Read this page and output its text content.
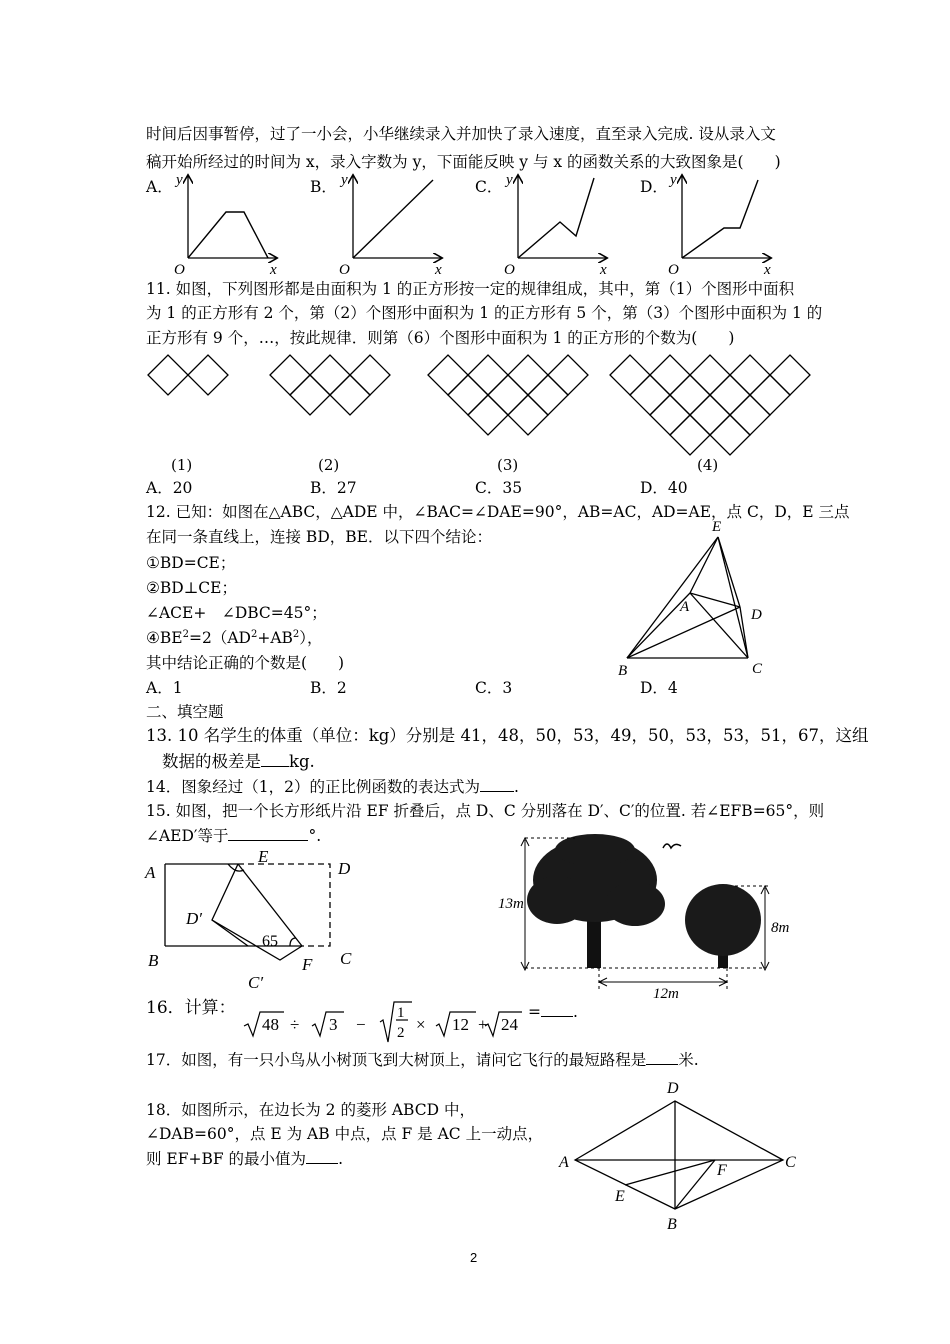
时间后因事暂停，过了一小会，小华继续录入并加快了录入速度，直至录入完成. 设从录入文
稿开始所经过的时间为 x，录入字数为 y，下面能反映 y 与 x 的函数关系的大致图象是(　　)
A．	B．	C．	D．
y
x
O
y
x
O
y
x
O
y
x
O
11. 如图，下列图形都是由面积为 1 的正方形按一定的规律组成，其中，第（1）个图形中面积
为 1 的正方形有 2 个，第（2）个图形中面积为 1 的正方形有 5 个，第（3）个图形中面积为 1 的
正方形有 9 个，…，按此规律．则第（6）个图形中面积为 1 的正方形的个数为(　　)
(1)	(2)	(3)	(4)
A．20	B．27	C．35	D．40
12. 已知：如图在△ABC，△ADE 中，∠BAC=∠DAE=90°，AB=AC，AD=AE，点 C，D，E 三点
在同一条直线上，连接 BD，BE．以下四个结论：
①BD=CE；
②BD⊥CE；
∠ACE+　∠DBC=45°；
$④BE^2=2(AD^2+AB^2)$，
其中结论正确的个数是(　　)
A．1	B．2	C．3	D．4
E
A	D
B	C
二、填空题
13. 10 名学生的体重（单位：kg）分别是 41，48，50，53，49，50，53，53，51，67，这组
数据的极差是 kg.
14．图象经过（1，2）的正比例函数的表达式为 .
15. 如图，把一个长方形纸片沿 EF 折叠后，点 D、C 分别落在 D′、C′的位置. 若∠EFB=65°，则
∠AED′等于	°.
A
E
D
D′
B
C′
F C
65
13m
8m
12m
16．计算：
48 ÷ 3 −
1
2 × 12 + 24
= .
17．如图，有一只小鸟从小树顶飞到大树顶上，请问它飞行的最短路程是 米.
18．如图所示，在边长为 2 的菱形 ABCD 中，
∠DAB=60°，点 E 为 AB 中点，点 F 是 AC 上一动点，
则 EF+BF 的最小值为 .
D
A	C
F
E
B
2
